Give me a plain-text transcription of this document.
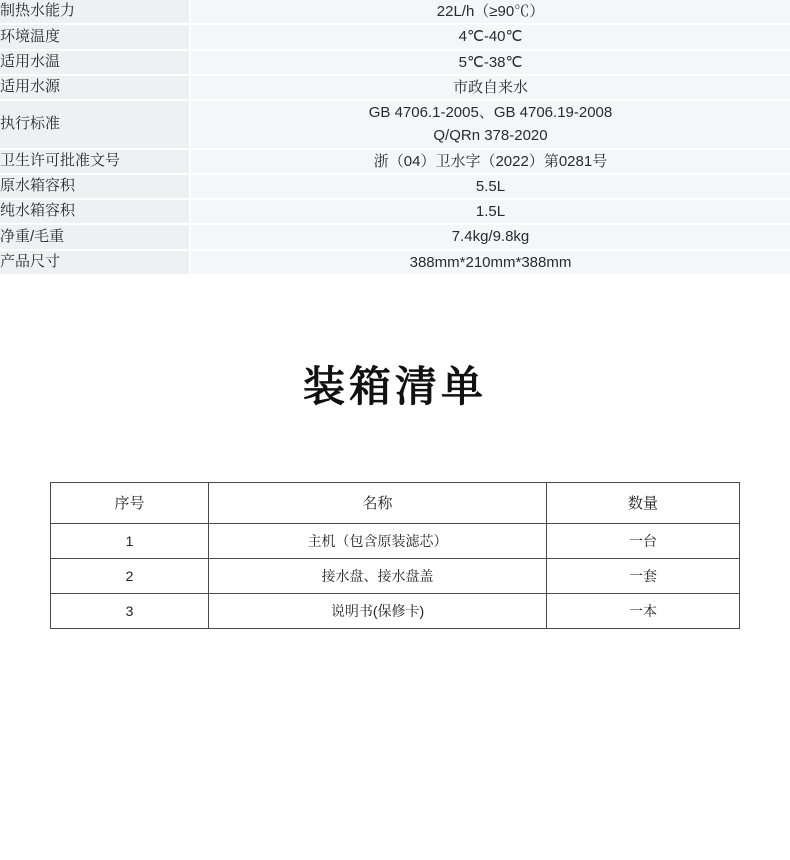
制热水能力	22L/h（≥90℃）
环境温度	4℃-40℃
适用水温	5℃-38℃
适用水源	市政自来水
执行标准	GB 4706.1-2005、GB 4706.19-2008
Q/QRn 378-2020

卫生许可批准文号	浙（04）卫水字（2022）第0281号
原水箱容积	5.5L
纯水箱容积	1.5L
净重/毛重	7.4kg/9.8kg
产品尺寸	388mm*210mm*388mm
装箱清单
序号	名称	数量
1	主机（包含原装滤芯）	一台
2	接水盘、接水盘盖	一套
3	说明书(保修卡)	一本
